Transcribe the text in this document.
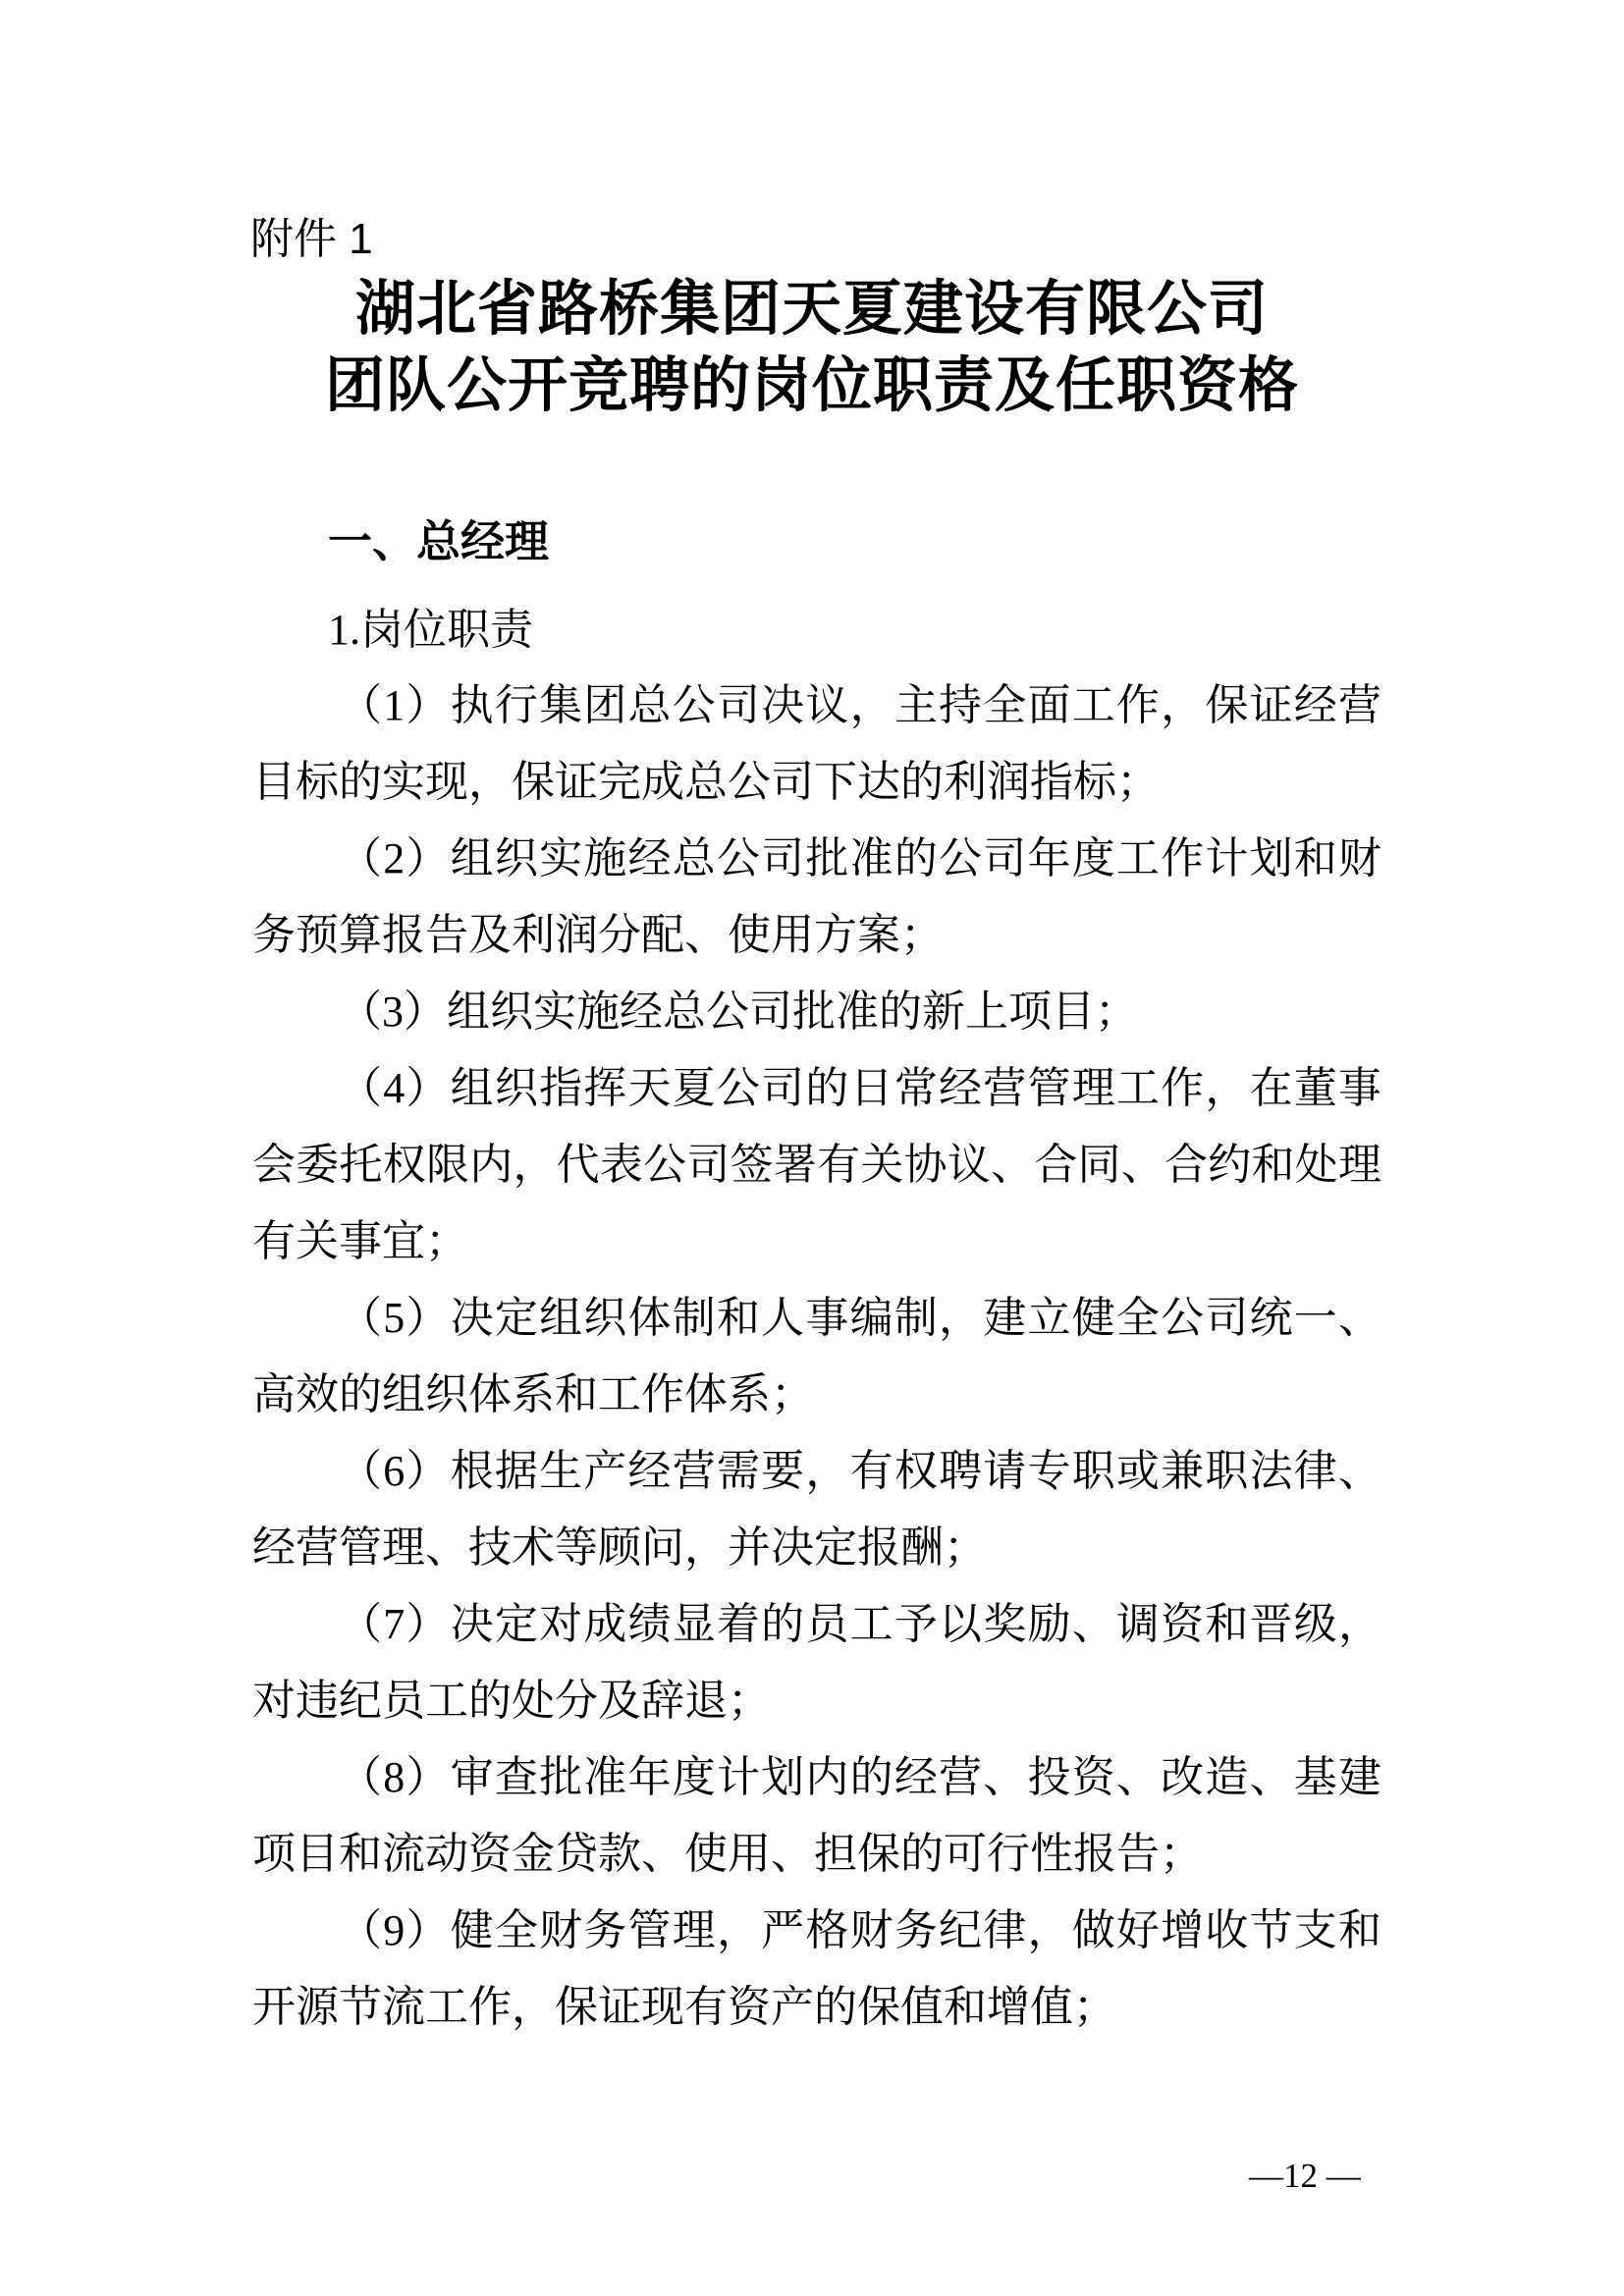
附件 1
湖北省路桥集团天夏建设有限公司
团队公开竞聘的岗位职责及任职资格
一、总经理
1.岗位职责

（1）执行集团总公司决议，主持全面工作，保证经营目标的实现，保证完成总公司下达的利润指标；

（2）组织实施经总公司批准的公司年度工作计划和财务预算报告及利润分配、使用方案；

（3）组织实施经总公司批准的新上项目；

（4）组织指挥天夏公司的日常经营管理工作，在董事会委托权限内，代表公司签署有关协议、合同、合约和处理有关事宜；

（5）决定组织体制和人事编制，建立健全公司统一、高效的组织体系和工作体系；

（6）根据生产经营需要，有权聘请专职或兼职法律、经营管理、技术等顾问，并决定报酬；

（7）决定对成绩显着的员工予以奖励、调资和晋级，对违纪员工的处分及辞退；

（8）审查批准年度计划内的经营、投资、改造、基建项目和流动资金贷款、使用、担保的可行性报告；

（9）健全财务管理，严格财务纪律，做好增收节支和开源节流工作，保证现有资产的保值和增值；

—12 —
